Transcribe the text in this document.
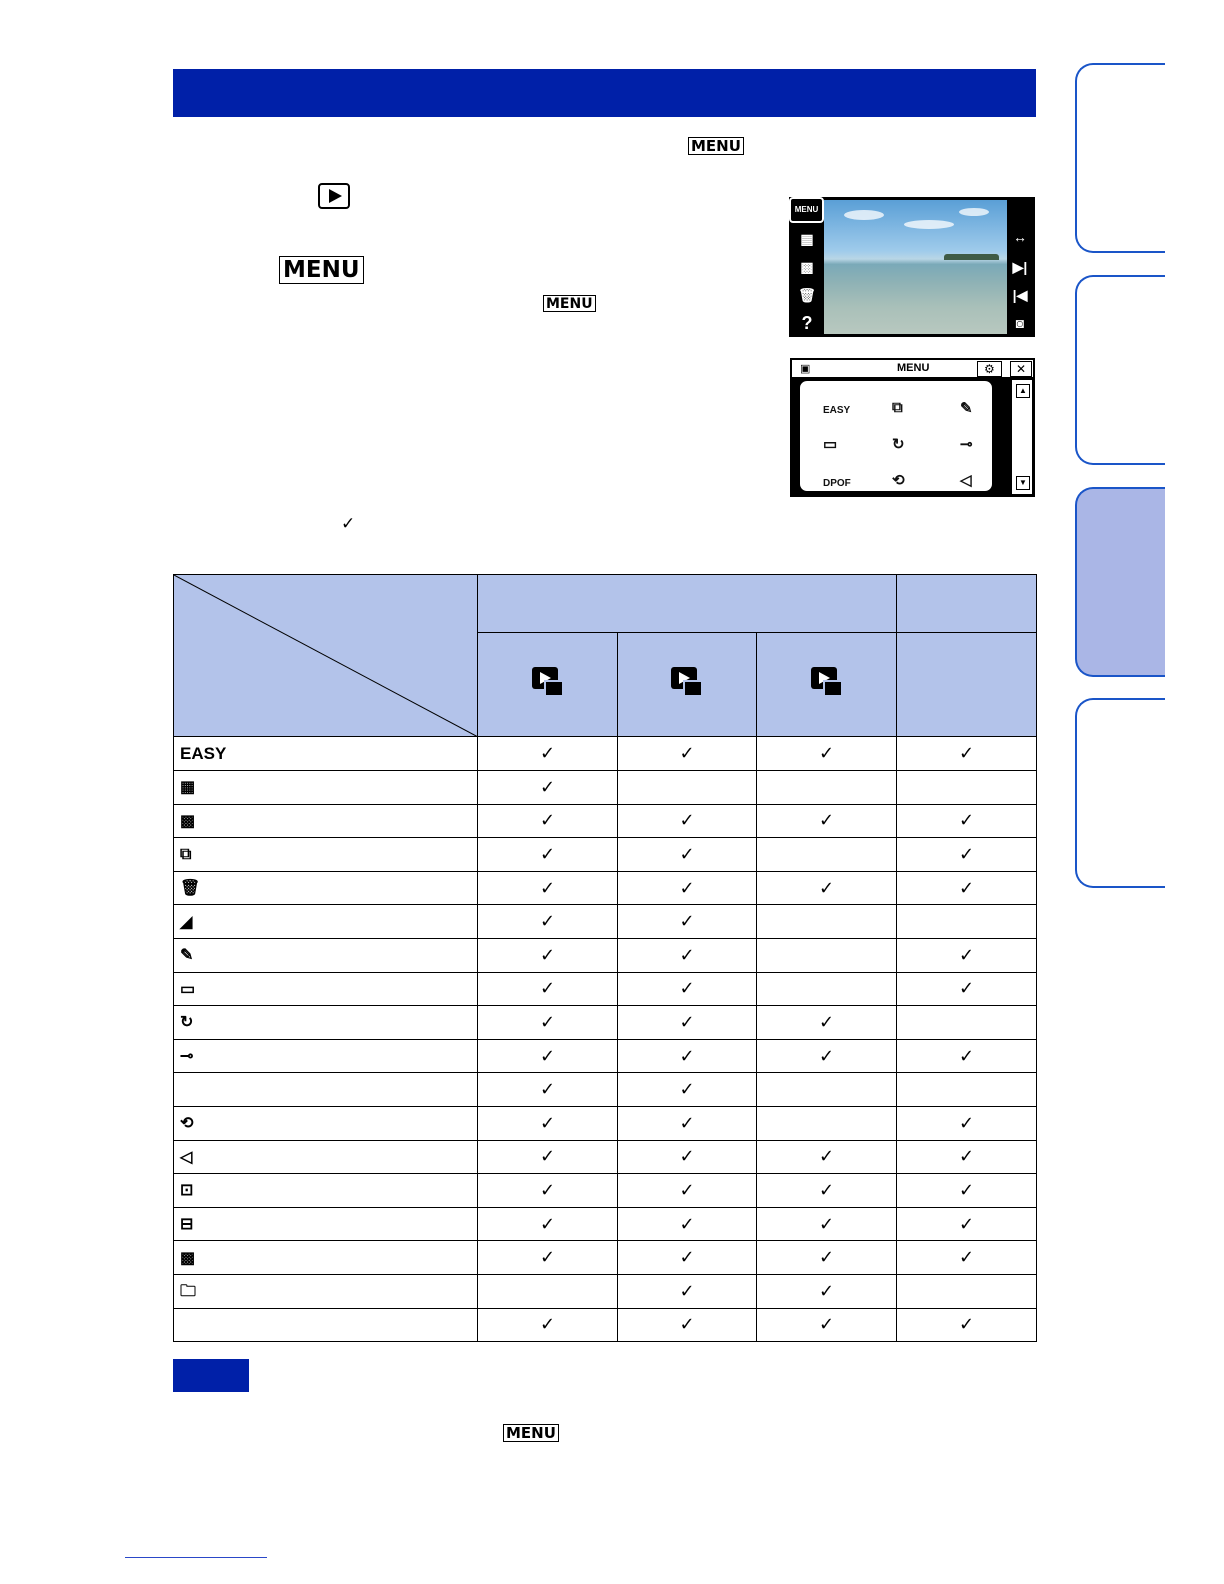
MENU
MENU
MENU
MENU
▦
▩
🗑
?
↔
▶|
|◀
◙
▣	MENU	⚙	✕
EASY	⧉	✎
▭	↻	⊸
DPOF	⟲	◁
▲
▼
✓

EASY	✓	✓	✓	✓
▦	✓			
▩	✓	✓	✓	✓
⧉	✓	✓		✓
🗑	✓	✓	✓	✓
◢	✓	✓		
✎	✓	✓		✓
▭	✓	✓		✓
↻	✓	✓	✓	
⊸	✓	✓	✓	✓
	✓	✓		
⟲	✓	✓		✓
◁	✓	✓	✓	✓
⊡	✓	✓	✓	✓
⊟	✓	✓	✓	✓
▩	✓	✓	✓	✓
🗀		✓	✓	
	✓	✓	✓	✓
MENU
